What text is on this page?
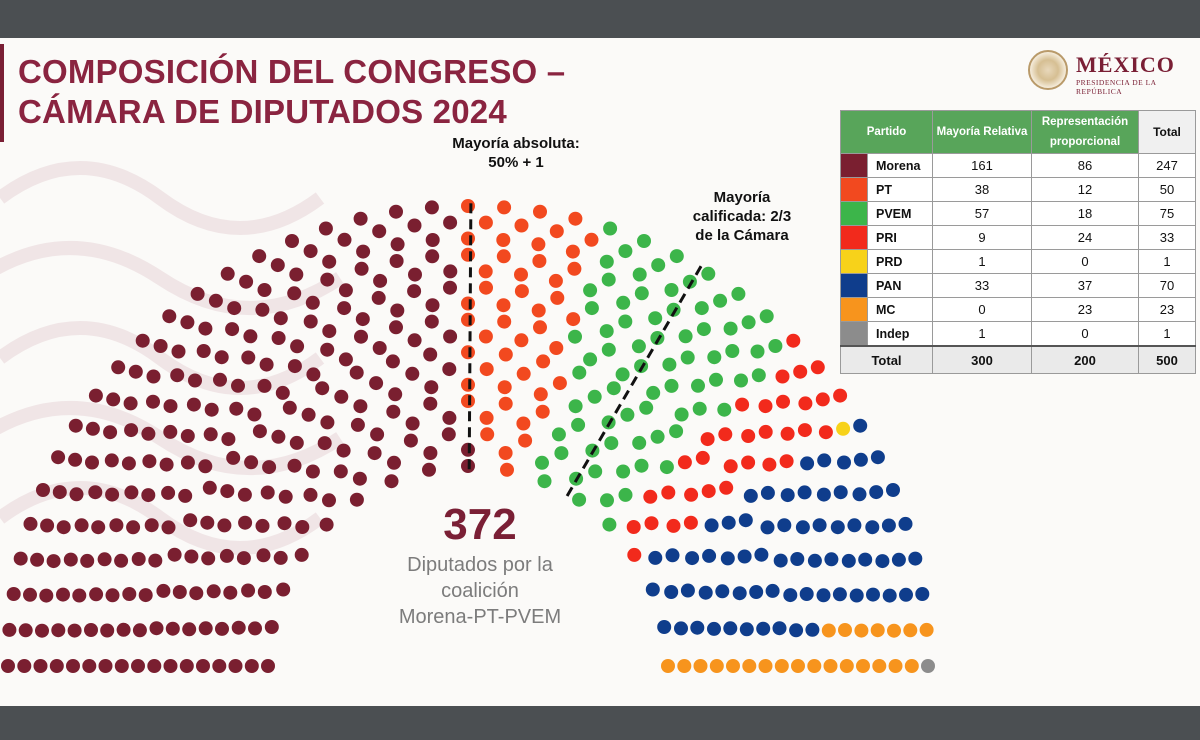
COMPOSICIÓN DEL CONGRESO –
CÁMARA DE DIPUTADOS 2024
MÉXICO
PRESIDENCIA DE LA REPÚBLICA
Mayoría absoluta:
50% + 1
Mayoría
calificada: 2/3
de la Cámara
372
Diputados por la
coalición
Morena-PT-PVEM
Partido		Mayoría Relativa	Representación proporcional	Total

	Morena	161	86	247

	PT	38	12	50

	PVEM	57	18	75

	PRI	9	24	33

	PRD	1	0	1

	PAN	33	37	70

	MC	0	23	23

	Indep	1	0	1
Total		300	200	500
